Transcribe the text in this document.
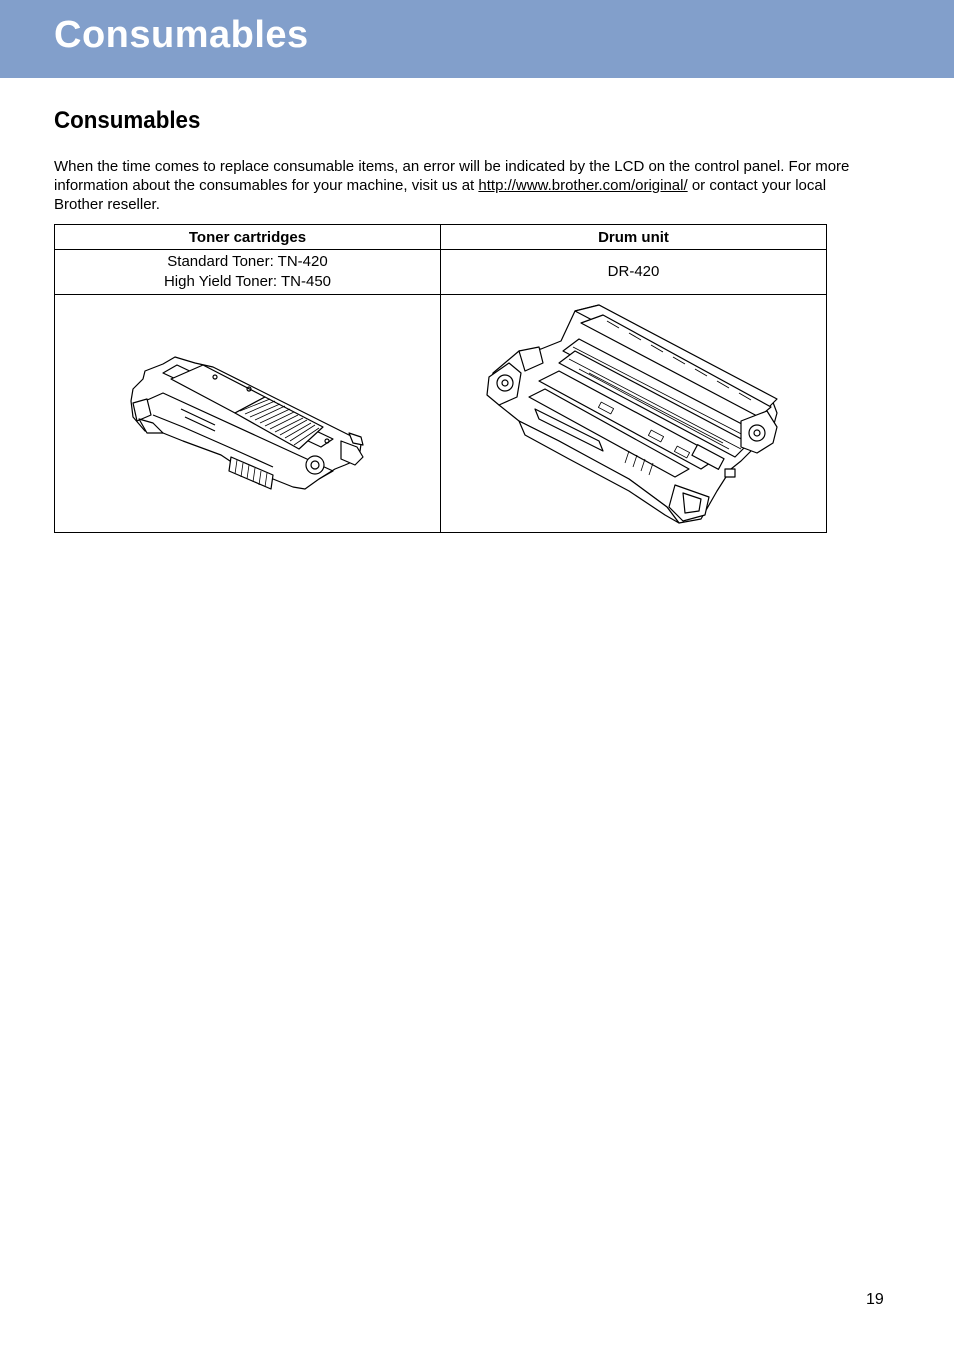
Consumables
Consumables

When the time comes to replace consumable items, an error will be indicated by the LCD on the control panel. For more information about the consumables for your machine, visit us at http://www.brother.com/original/ or contact your local Brother reseller.

Toner cartridges	Drum unit

Standard Toner: TN-420
High Yield Toner: TN-450	DR-420

19
